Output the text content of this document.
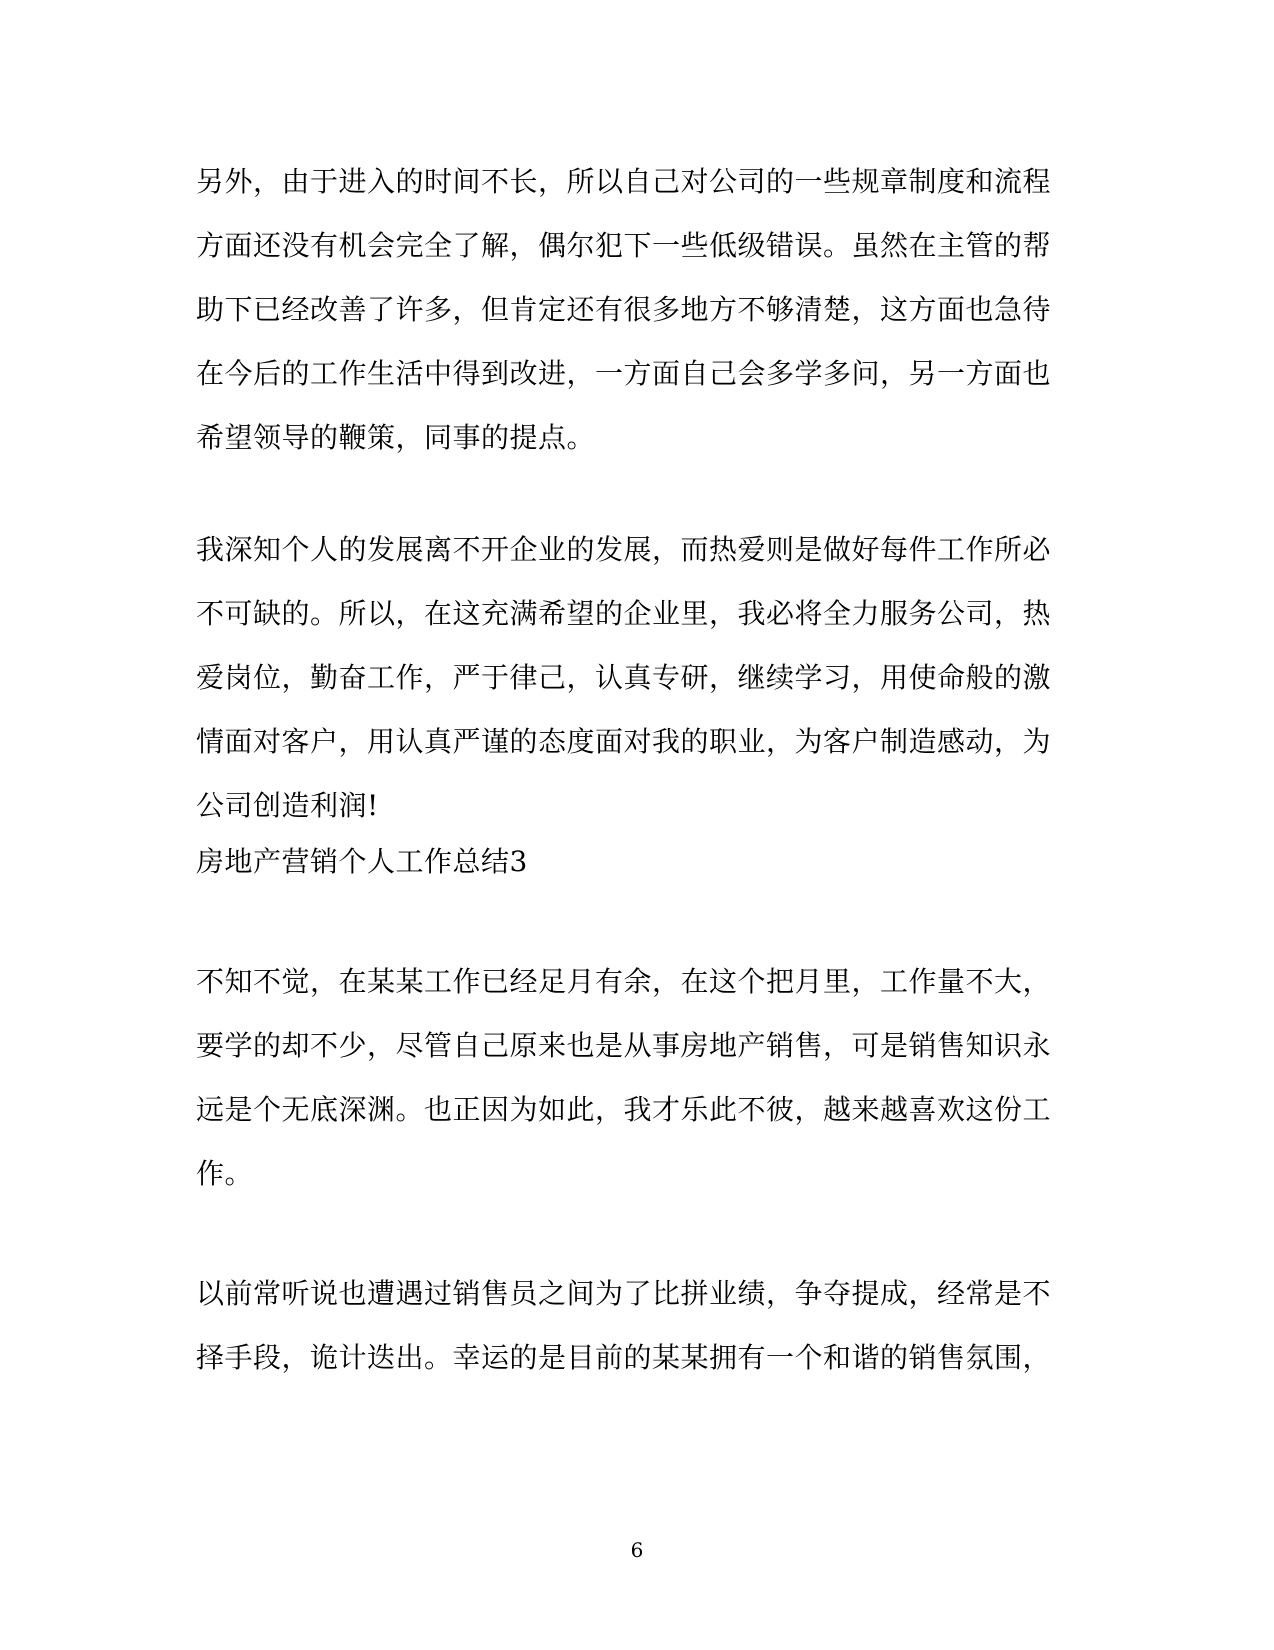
另外，由于进入的时间不长，所以自己对公司的一些规章制度和流程
方面还没有机会完全了解，偶尔犯下一些低级错误。虽然在主管的帮
助下已经改善了许多，但肯定还有很多地方不够清楚，这方面也急待
在今后的工作生活中得到改进，一方面自己会多学多问，另一方面也
希望领导的鞭策，同事的提点。
我深知个人的发展离不开企业的发展，而热爱则是做好每件工作所必
不可缺的。所以，在这充满希望的企业里，我必将全力服务公司，热
爱岗位，勤奋工作，严于律己，认真专研，继续学习，用使命般的激
情面对客户，用认真严谨的态度面对我的职业，为客户制造感动，为
公司创造利润!
房地产营销个人工作总结3
不知不觉，在某某工作已经足月有余，在这个把月里，工作量不大，
要学的却不少，尽管自己原来也是从事房地产销售，可是销售知识永
远是个无底深渊。也正因为如此，我才乐此不彼，越来越喜欢这份工
作。
以前常听说也遭遇过销售员之间为了比拼业绩，争夺提成，经常是不
择手段，诡计迭出。幸运的是目前的某某拥有一个和谐的销售氛围，
6
